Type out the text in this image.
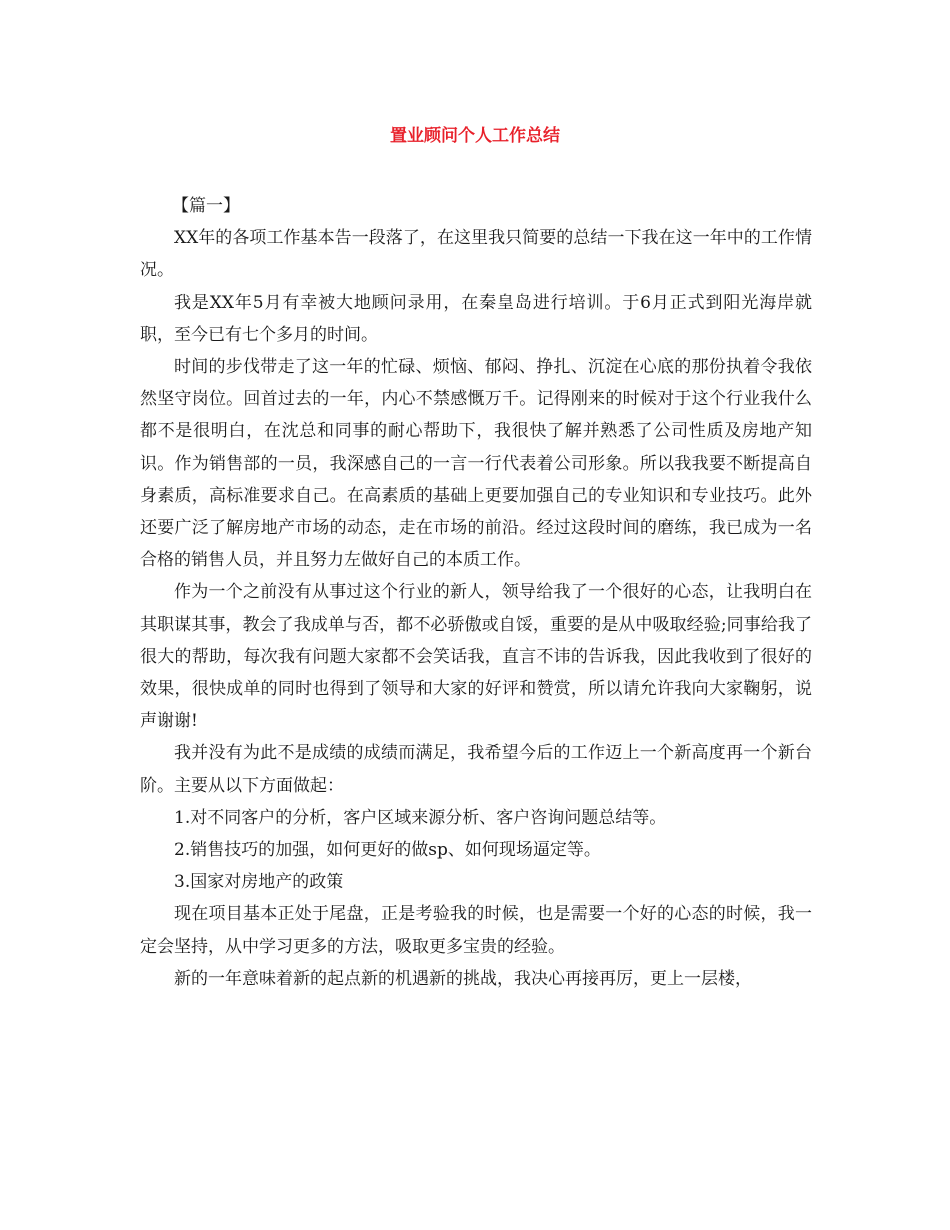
置业顾问个人工作总结

【篇一】

XX年的各项工作基本告一段落了，在这里我只简要的总结一下我在这一年中的工作情况。

我是XX年5月有幸被大地顾问录用，在秦皇岛进行培训。于6月正式到阳光海岸就职，至今已有七个多月的时间。

时间的步伐带走了这一年的忙碌、烦恼、郁闷、挣扎、沉淀在心底的那份执着令我依然坚守岗位。回首过去的一年，内心不禁感慨万千。记得刚来的时候对于这个行业我什么都不是很明白，在沈总和同事的耐心帮助下，我很快了解并熟悉了公司性质及房地产知识。作为销售部的一员，我深感自己的一言一行代表着公司形象。所以我我要不断提高自身素质，高标准要求自己。在高素质的基础上更要加强自己的专业知识和专业技巧。此外还要广泛了解房地产市场的动态，走在市场的前沿。经过这段时间的磨练，我已成为一名合格的销售人员，并且努力左做好自己的本质工作。

作为一个之前没有从事过这个行业的新人，领导给我了一个很好的心态，让我明白在其职谋其事，教会了我成单与否，都不必骄傲或自馁，重要的是从中吸取经验;同事给我了很大的帮助，每次我有问题大家都不会笑话我，直言不讳的告诉我，因此我收到了很好的效果，很快成单的同时也得到了领导和大家的好评和赞赏，所以请允许我向大家鞠躬，说声谢谢!

我并没有为此不是成绩的成绩而满足，我希望今后的工作迈上一个新高度再一个新台阶。主要从以下方面做起：

1.对不同客户的分析，客户区域来源分析、客户咨询问题总结等。

2.销售技巧的加强，如何更好的做sp、如何现场逼定等。

3.国家对房地产的政策

现在项目基本正处于尾盘，正是考验我的时候，也是需要一个好的心态的时候，我一定会坚持，从中学习更多的方法，吸取更多宝贵的经验。

新的一年意味着新的起点新的机遇新的挑战，我决心再接再厉，更上一层楼，
